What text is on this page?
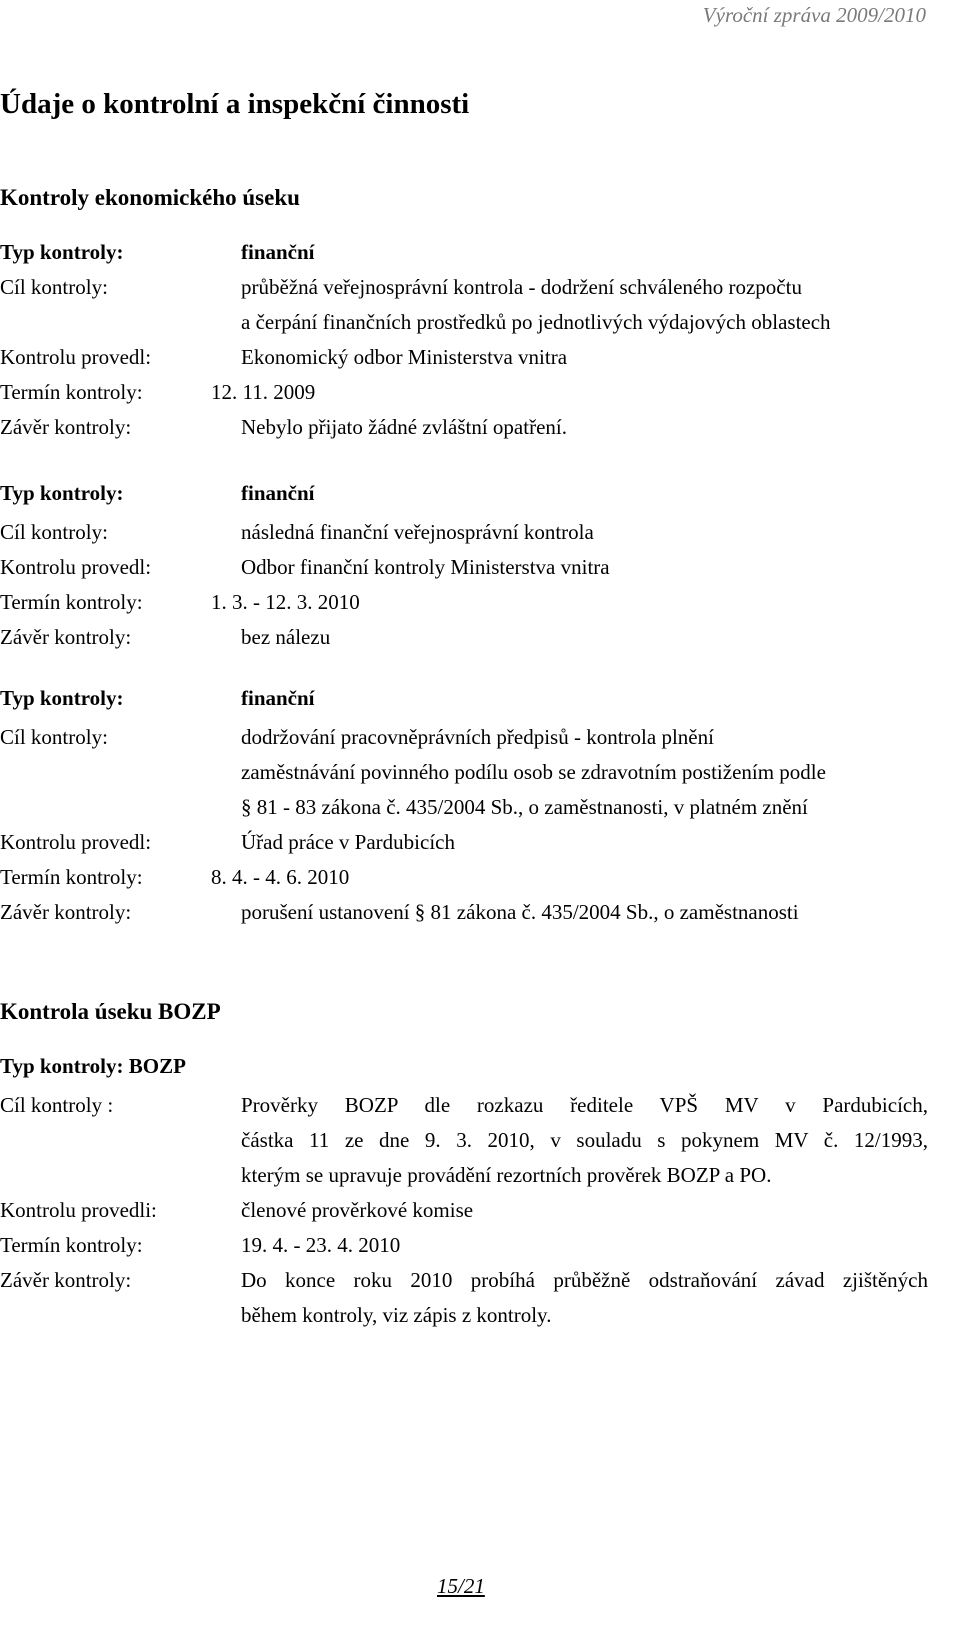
Výroční zpráva 2009/2010
Údaje o kontrolní a inspekční činnosti
Kontroly ekonomického úseku
Typ kontroly:	finanční
Cíl kontroly:	průběžná veřejnosprávní kontrola - dodržení schváleného rozpočtu
a čerpání finančních prostředků po jednotlivých výdajových oblastech
Kontrolu provedl:	Ekonomický odbor Ministerstva vnitra
Termín kontroly:	12. 11. 2009
Závěr kontroly:	Nebylo přijato žádné zvláštní opatření.
Typ kontroly:	finanční
Cíl kontroly:	následná finanční veřejnosprávní kontrola
Kontrolu provedl:	Odbor finanční kontroly Ministerstva vnitra
Termín kontroly:	1. 3. - 12. 3. 2010
Závěr kontroly:	bez nálezu
Typ kontroly:	finanční
Cíl kontroly:	dodržování pracovněprávních předpisů - kontrola plnění
zaměstnávání povinného podílu osob se zdravotním postižením podle
§ 81 - 83 zákona č. 435/2004 Sb., o zaměstnanosti, v platném znění
Kontrolu provedl:	Úřad práce v Pardubicích
Termín kontroly:	8. 4. - 4. 6. 2010
Závěr kontroly:	porušení ustanovení § 81 zákona č. 435/2004 Sb., o zaměstnanosti
Kontrola úseku BOZP
Typ kontroly: BOZP
Cíl kontroly :	Prověrky BOZP dle rozkazu ředitele VPŠ MV v Pardubicích,
částka 11 ze dne 9. 3. 2010, v souladu s pokynem MV č. 12/1993,
kterým se upravuje provádění rezortních prověrek BOZP a PO.
Kontrolu provedli:	členové prověrkové komise
Termín kontroly:	19. 4. - 23. 4. 2010
Závěr kontroly:	Do konce roku 2010 probíhá průběžně odstraňování závad zjištěných
během kontroly, viz zápis z kontroly.
15/21
